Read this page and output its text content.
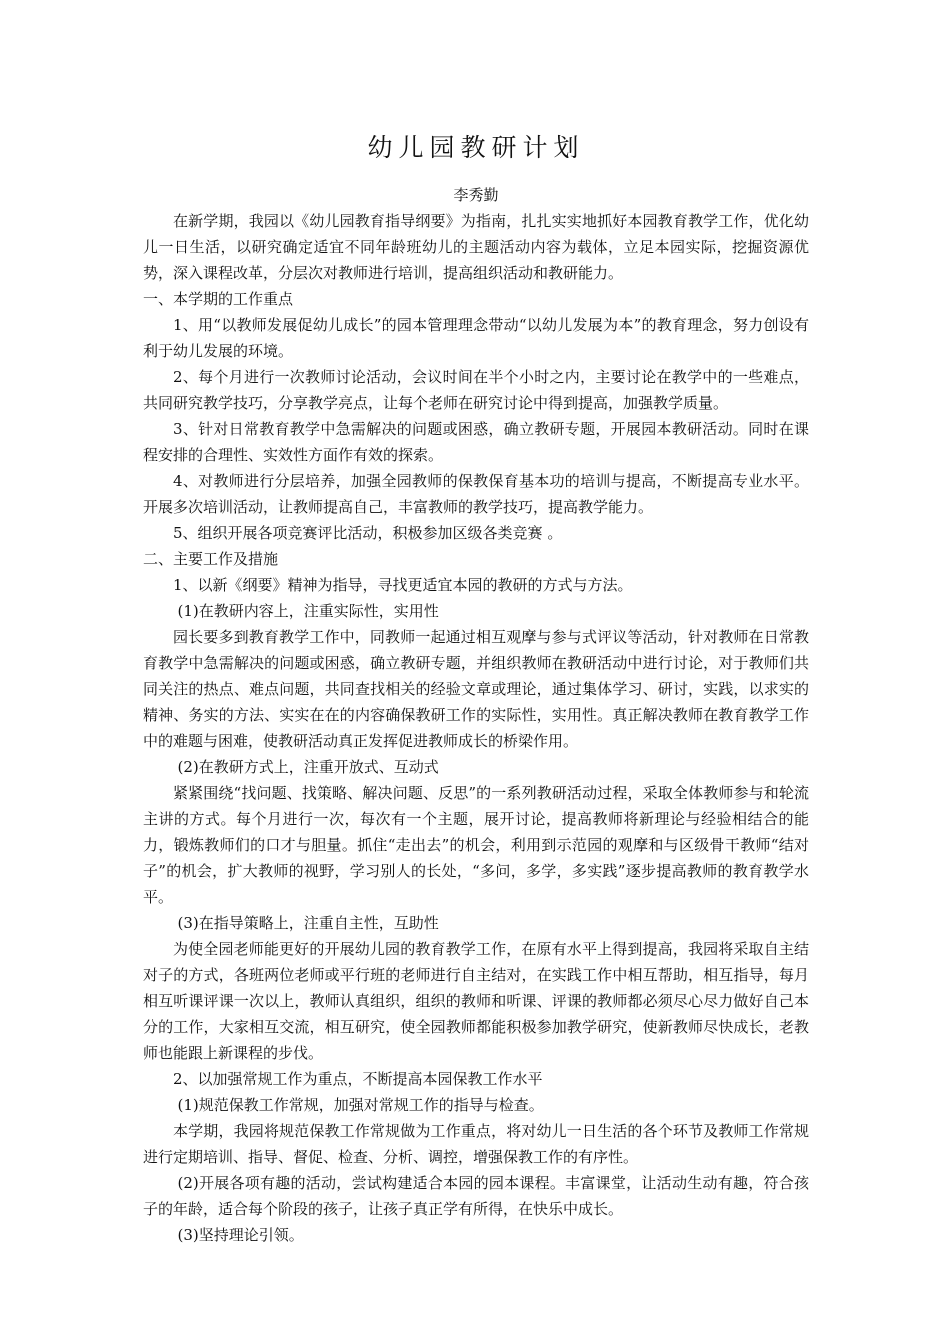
幼儿园教研计划

李秀勤

在新学期，我园以《幼儿园教育指导纲要》为指南，扎扎实实地抓好本园教育教学工作，优化幼儿一日生活，以研究确定适宜不同年龄班幼儿的主题活动内容为载体，立足本园实际，挖掘资源优势，深入课程改革，分层次对教师进行培训，提高组织活动和教研能力。

一、本学期的工作重点

1、用“以教师发展促幼儿成长”的园本管理理念带动“以幼儿发展为本”的教育理念，努力创设有利于幼儿发展的环境。

2、每个月进行一次教师讨论活动，会议时间在半个小时之内，主要讨论在教学中的一些难点，共同研究教学技巧，分享教学亮点，让每个老师在研究讨论中得到提高，加强教学质量。

3、针对日常教育教学中急需解决的问题或困惑，确立教研专题，开展园本教研活动。同时在课程安排的合理性、实效性方面作有效的探索。

4、对教师进行分层培养，加强全园教师的保教保育基本功的培训与提高，不断提高专业水平。开展多次培训活动，让教师提高自己，丰富教师的教学技巧，提高教学能力。

5、组织开展各项竞赛评比活动，积极参加区级各类竞赛 。

二、主要工作及措施

1、以新《纲要》精神为指导，寻找更适宜本园的教研的方式与方法。

(1)在教研内容上，注重实际性，实用性

园长要多到教育教学工作中，同教师一起通过相互观摩与参与式评议等活动，针对教师在日常教育教学中急需解决的问题或困惑，确立教研专题，并组织教师在教研活动中进行讨论，对于教师们共同关注的热点、难点问题，共同查找相关的经验文章或理论，通过集体学习、研讨，实践，以求实的精神、务实的方法、实实在在的内容确保教研工作的实际性，实用性。真正解决教师在教育教学工作中的难题与困难，使教研活动真正发挥促进教师成长的桥梁作用。

(2)在教研方式上，注重开放式、互动式

紧紧围绕“找问题、找策略、解决问题、反思”的一系列教研活动过程，采取全体教师参与和轮流主讲的方式。每个月进行一次，每次有一个主题，展开讨论，提高教师将新理论与经验相结合的能力，锻炼教师们的口才与胆量。抓住“走出去”的机会，利用到示范园的观摩和与区级骨干教师“结对子”的机会，扩大教师的视野，学习别人的长处，“多问，多学，多实践”逐步提高教师的教育教学水平。

(3)在指导策略上，注重自主性，互助性

为使全园老师能更好的开展幼儿园的教育教学工作，在原有水平上得到提高，我园将采取自主结对子的方式，各班两位老师或平行班的老师进行自主结对，在实践工作中相互帮助，相互指导，每月相互听课评课一次以上，教师认真组织，组织的教师和听课、评课的教师都必须尽心尽力做好自己本分的工作，大家相互交流，相互研究，使全园教师都能积极参加教学研究，使新教师尽快成长，老教师也能跟上新课程的步伐。

2、以加强常规工作为重点，不断提高本园保教工作水平

(1)规范保教工作常规，加强对常规工作的指导与检查。

本学期，我园将规范保教工作常规做为工作重点，将对幼儿一日生活的各个环节及教师工作常规进行定期培训、指导、督促、检查、分析、调控，增强保教工作的有序性。

(2)开展各项有趣的活动，尝试构建适合本园的园本课程。丰富课堂，让活动生动有趣，符合孩子的年龄，适合每个阶段的孩子，让孩子真正学有所得，在快乐中成长。

(3)坚持理论引领。
